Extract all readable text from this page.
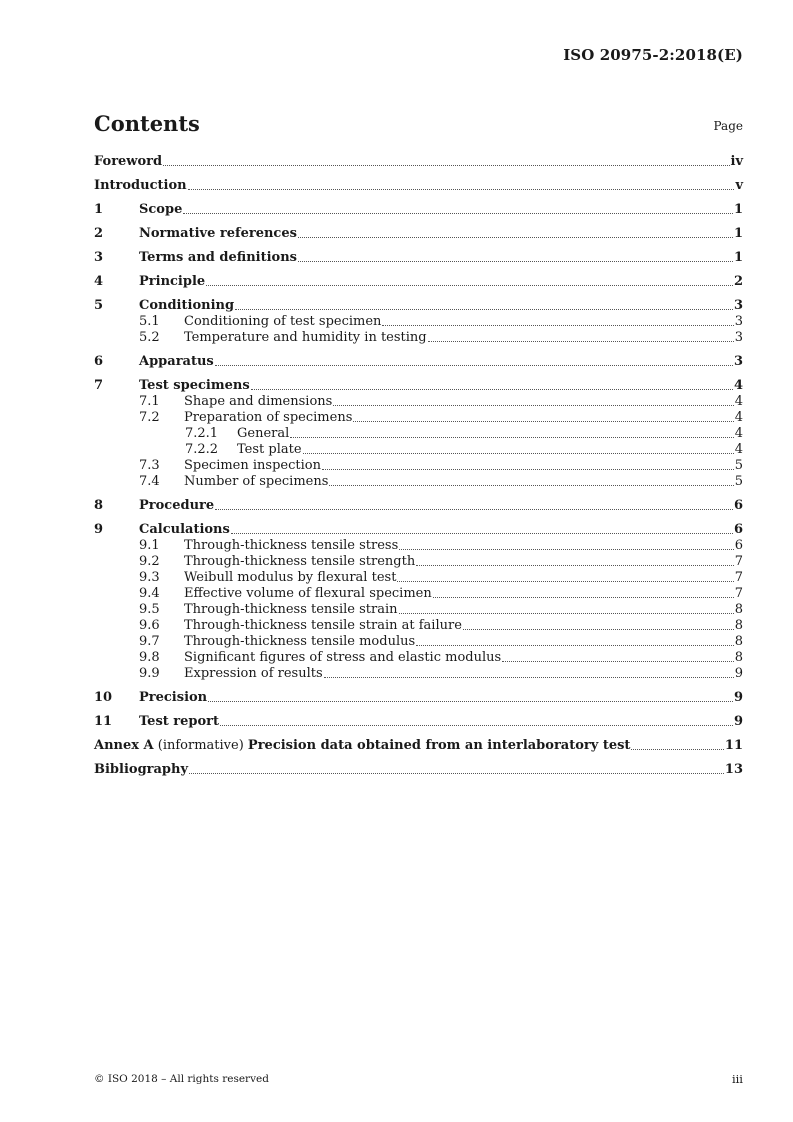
ISO 20975-2:2018(E)
Contents	Page
Foreword	iv
Introduction	v
1	Scope	1
2	Normative references	1
3	Terms and definitions	1
4	Principle	2
5	Conditioning	3
5.1	Conditioning of test specimen	3
5.2	Temperature and humidity in testing	3
6	Apparatus	3
7	Test specimens	4
7.1	Shape and dimensions	4
7.2	Preparation of specimens	4
7.2.1	General	4
7.2.2	Test plate	4
7.3	Specimen inspection	5
7.4	Number of specimens	5
8	Procedure	6
9	Calculations	6
9.1	Through-thickness tensile stress	6
9.2	Through-thickness tensile strength	7
9.3	Weibull modulus by flexural test	7
9.4	Effective volume of flexural specimen	7
9.5	Through-thickness tensile strain	8
9.6	Through-thickness tensile strain at failure	8
9.7	Through-thickness tensile modulus	8
9.8	Significant figures of stress and elastic modulus	8
9.9	Expression of results	9
10	Precision	9
11	Test report	9
Annex A (informative) Precision data obtained from an interlaboratory test	11
Bibliography	13
© ISO 2018 – All rights reserved	iii
